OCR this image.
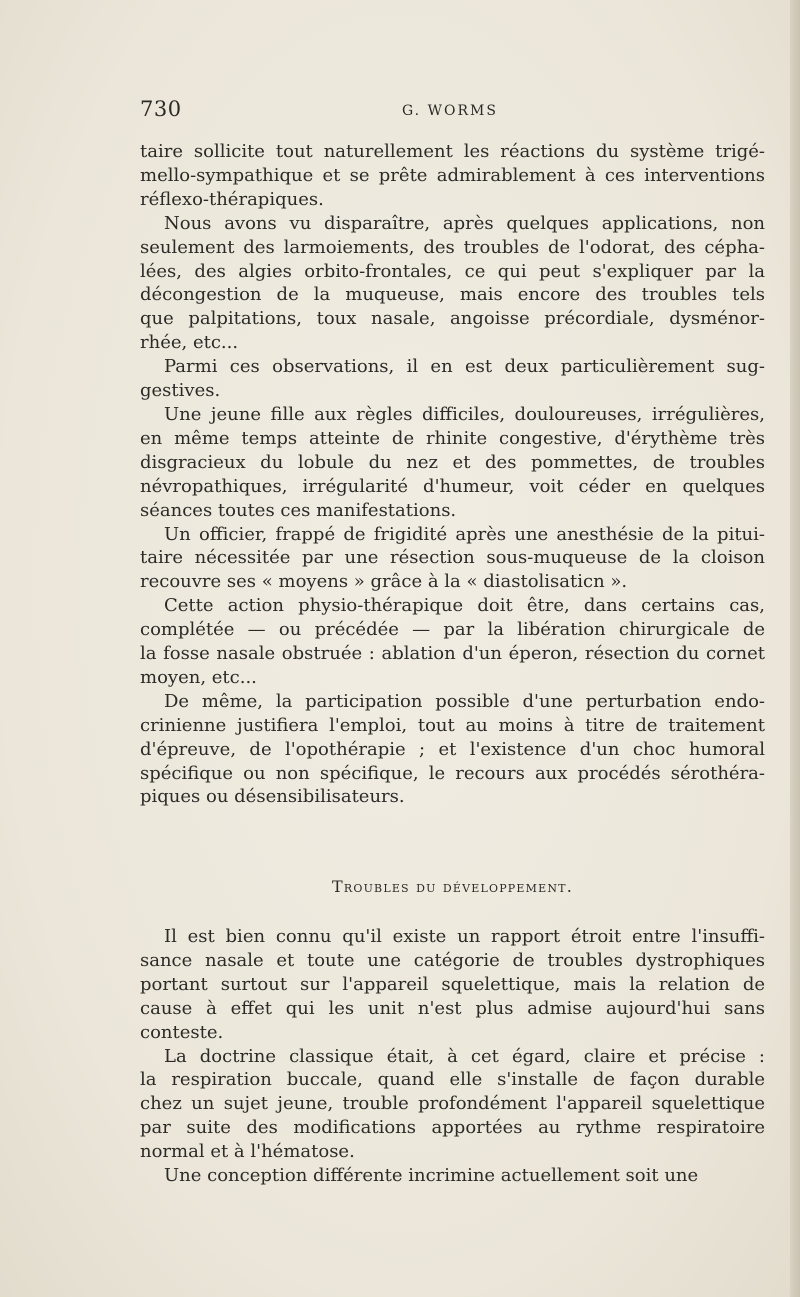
730	G. WORMS

taire sollicite tout naturellement les réactions du système trigé-

mello-sympathique et se prête admirablement à ces interventions

réflexo-thérapiques.

Nous avons vu disparaître, après quelques applications, non

seulement des larmoiements, des troubles de l'odorat, des cépha-

lées, des algies orbito-frontales, ce qui peut s'expliquer par la

décongestion de la muqueuse, mais encore des troubles tels

que palpitations, toux nasale, angoisse précordiale, dysménor-

rhée, etc...

Parmi ces observations, il en est deux particulièrement sug-

gestives.

Une jeune fille aux règles difficiles, douloureuses, irrégulières,

en même temps atteinte de rhinite congestive, d'érythème très

disgracieux du lobule du nez et des pommettes, de troubles

névropathiques, irrégularité d'humeur, voit céder en quelques

séances toutes ces manifestations.

Un officier, frappé de frigidité après une anesthésie de la pitui-

taire nécessitée par une résection sous-muqueuse de la cloison

recouvre ses « moyens » grâce à la « diastolisaticn ».

Cette action physio-thérapique doit être, dans certains cas,

complétée — ou précédée — par la libération chirurgicale de

la fosse nasale obstruée : ablation d'un éperon, résection du cornet

moyen, etc...

De même, la participation possible d'une perturbation endo-

crinienne justifiera l'emploi, tout au moins à titre de traitement

d'épreuve, de l'opothérapie ; et l'existence d'un choc humoral

spécifique ou non spécifique, le recours aux procédés sérothéra-

piques ou désensibilisateurs.

Troubles du développement.

Il est bien connu qu'il existe un rapport étroit entre l'insuffi-

sance nasale et toute une catégorie de troubles dystrophiques

portant surtout sur l'appareil squelettique, mais la relation de

cause à effet qui les unit n'est plus admise aujourd'hui sans

conteste.

La doctrine classique était, à cet égard, claire et précise :

la respiration buccale, quand elle s'installe de façon durable

chez un sujet jeune, trouble profondément l'appareil squelettique

par suite des modifications apportées au rythme respiratoire

normal et à l'hématose.

Une conception différente incrimine actuellement soit une
